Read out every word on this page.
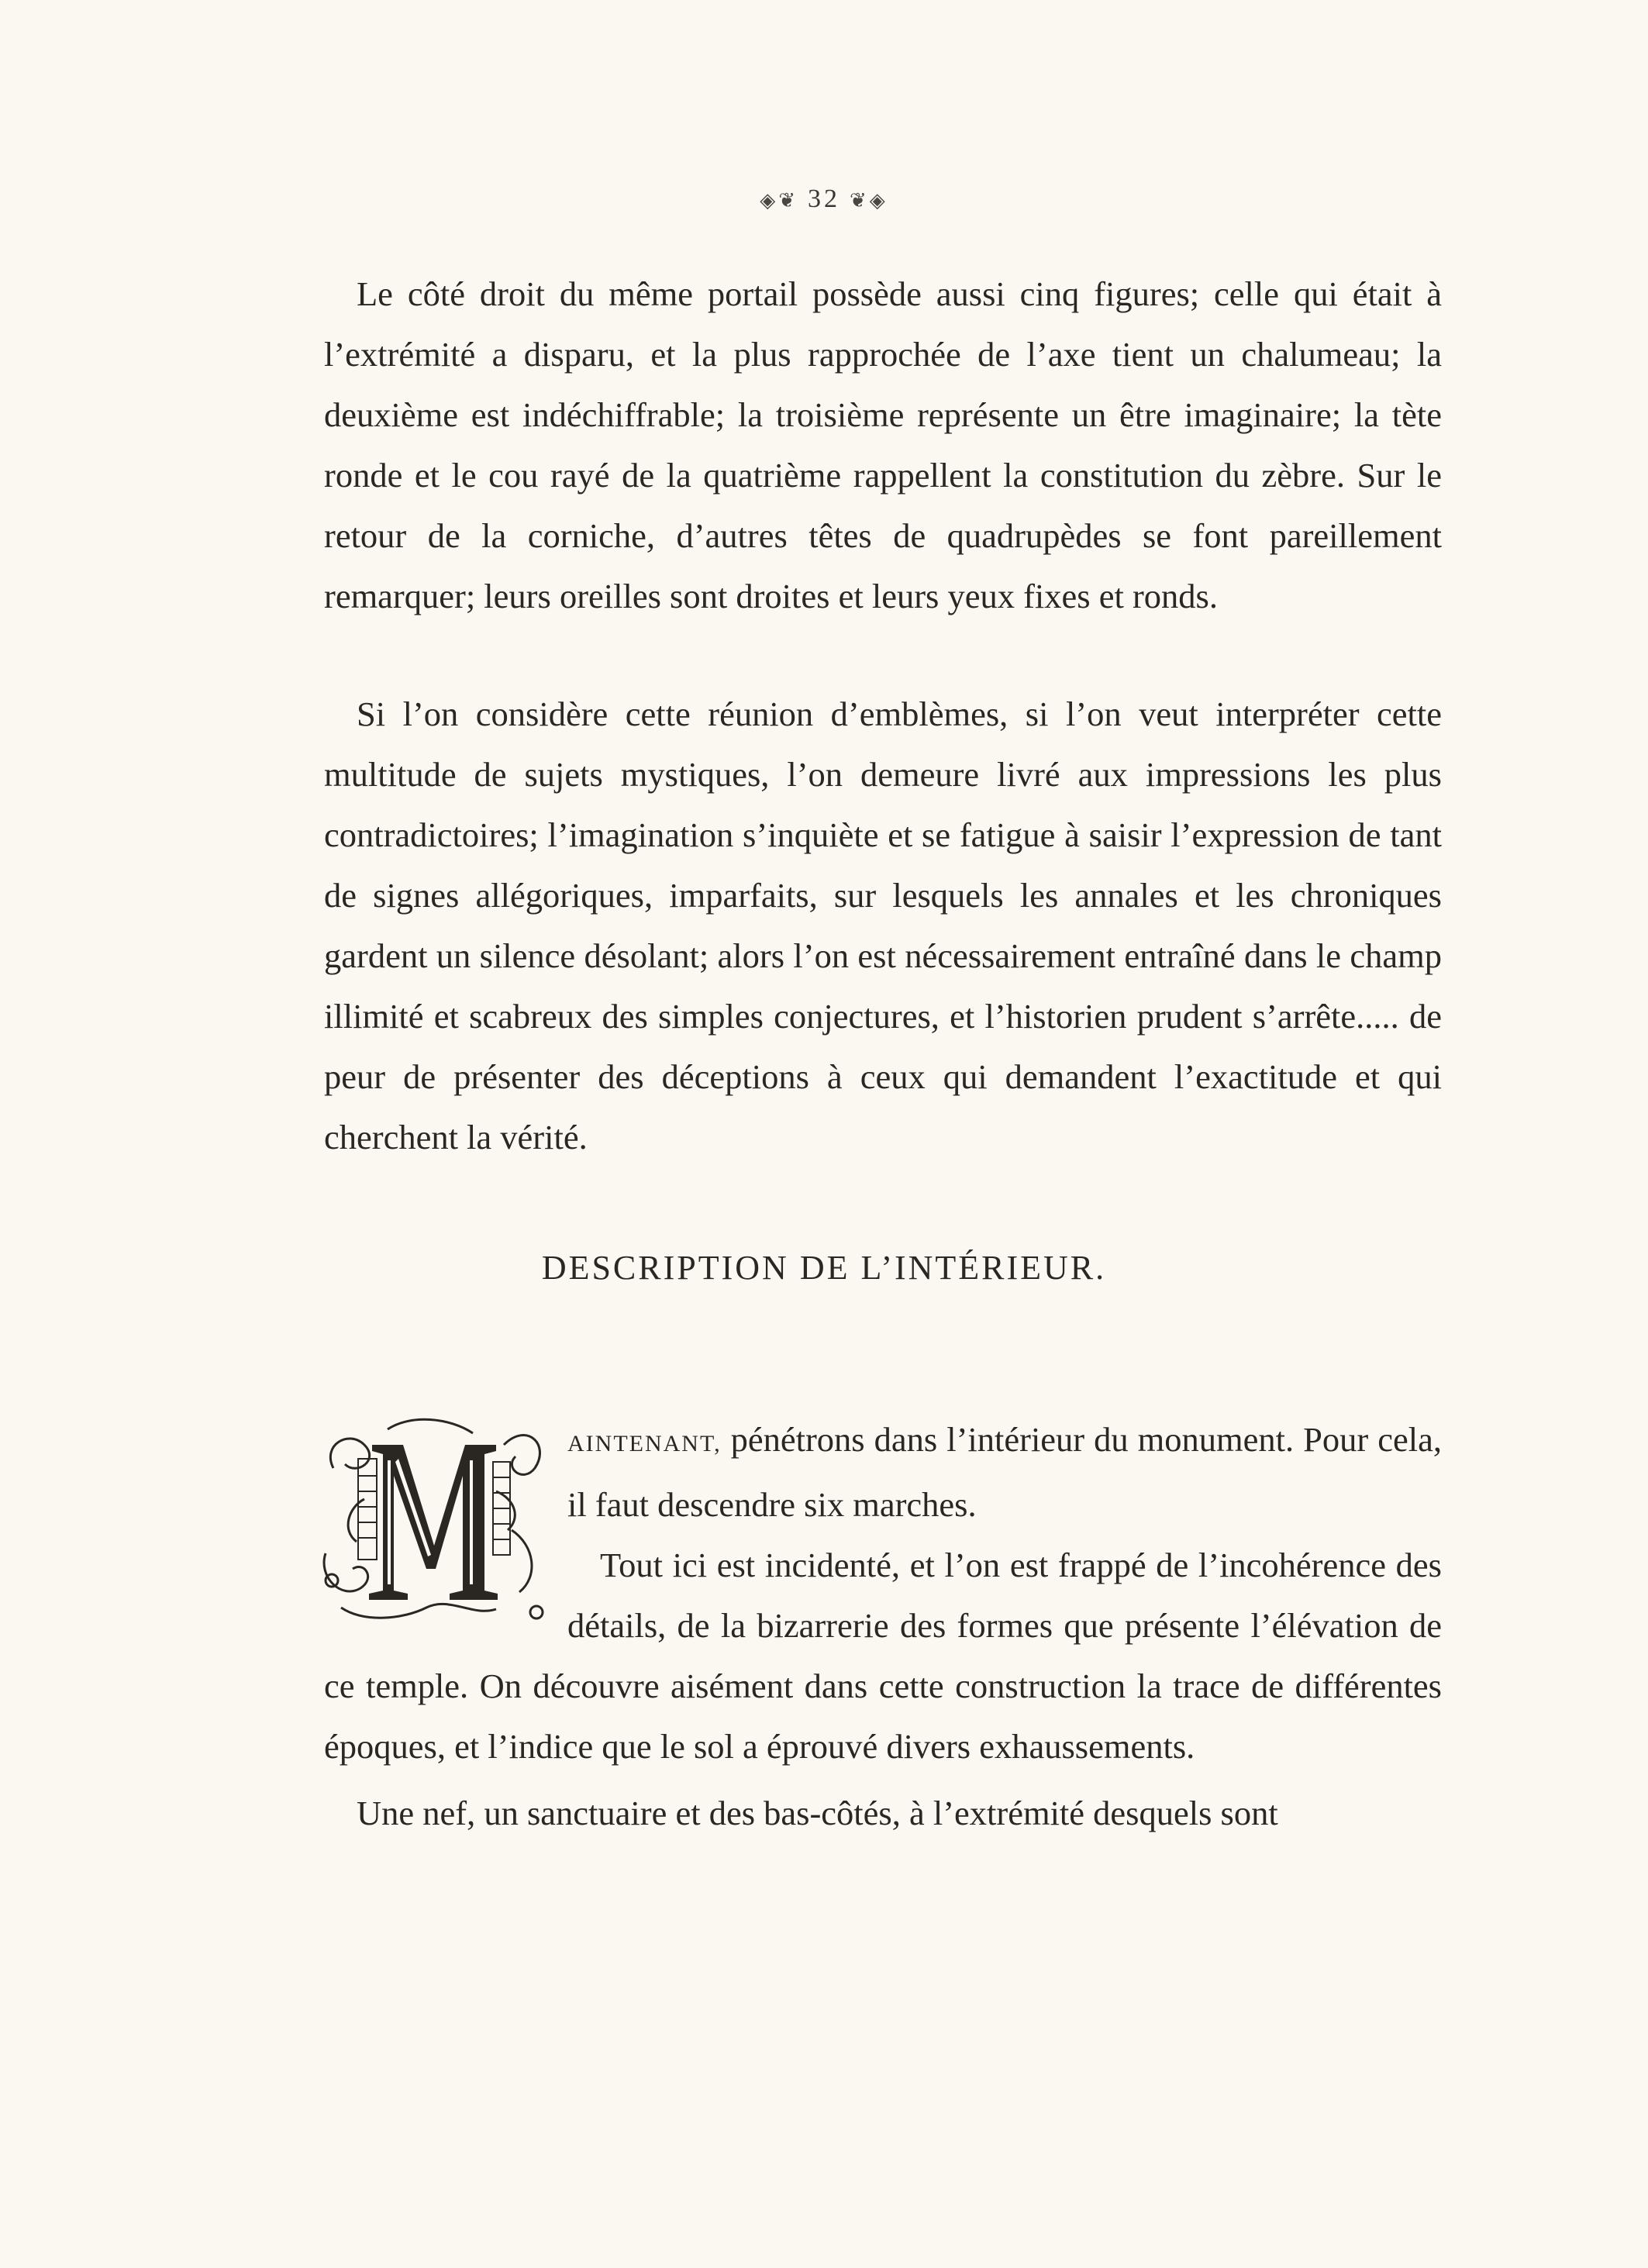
◈❦ 32 ❦◈

Le côté droit du même portail possède aussi cinq figures; celle qui était à l’extrémité a disparu, et la plus rapprochée de l’axe tient un chalumeau; la deuxième est indéchiffrable; la troisième représente un être imaginaire; la tète ronde et le cou rayé de la quatrième rappellent la constitution du zèbre. Sur le retour de la corniche, d’autres têtes de quadrupèdes se font pareillement remarquer; leurs oreilles sont droites et leurs yeux fixes et ronds.

Si l’on considère cette réunion d’emblèmes, si l’on veut interpréter cette multitude de sujets mystiques, l’on demeure livré aux impressions les plus contradictoires; l’imagination s’inquiète et se fatigue à saisir l’expression de tant de signes allégoriques, imparfaits, sur lesquels les annales et les chroniques gardent un silence désolant; alors l’on est nécessairement entraîné dans le champ illimité et scabreux des simples conjectures, et l’historien prudent s’arrête..... de peur de présenter des déceptions à ceux qui demandent l’exactitude et qui cherchent la vérité.

DESCRIPTION DE L’INTÉRIEUR.

AINTENANT, pénétrons dans l’intérieur du monument. Pour cela, il faut descendre six marches.

Tout ici est incidenté, et l’on est frappé de l’incohérence des détails, de la bizarrerie des formes que présente l’élévation de ce temple. On découvre aisément dans cette construction la trace de différentes époques, et l’indice que le sol a éprouvé divers exhaussements.

Une nef, un sanctuaire et des bas-côtés, à l’extrémité desquels sont
